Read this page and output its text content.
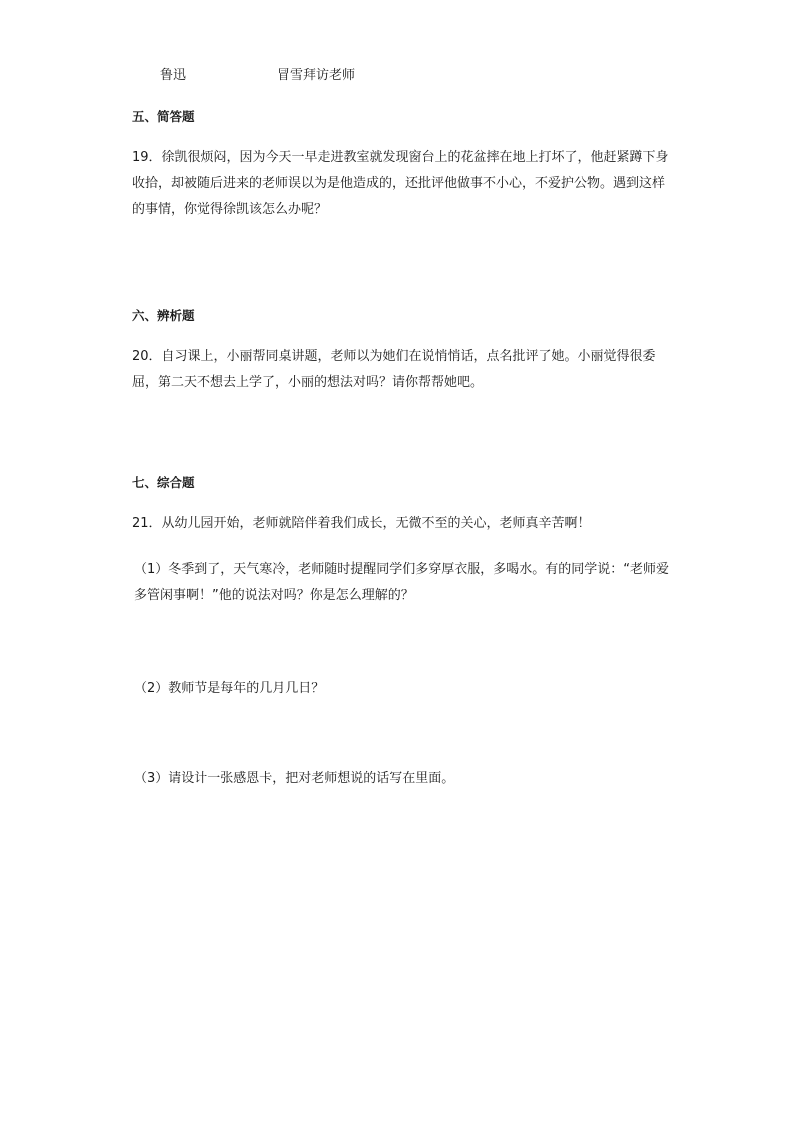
鲁迅	冒雪拜访老师
五、简答题
19．徐凯很烦闷，因为今天一早走进教室就发现窗台上的花盆摔在地上打坏了，他赶紧蹲下身收拾，却被随后进来的老师误以为是他造成的，还批评他做事不小心，不爱护公物。遇到这样的事情，你觉得徐凯该怎么办呢？
六、辨析题
20．自习课上，小丽帮同桌讲题，老师以为她们在说悄悄话，点名批评了她。小丽觉得很委屈，第二天不想去上学了，小丽的想法对吗？请你帮帮她吧。
七、综合题
21．从幼儿园开始，老师就陪伴着我们成长，无微不至的关心，老师真辛苦啊！
（1）冬季到了，天气寒冷，老师随时提醒同学们多穿厚衣服，多喝水。有的同学说：“老师爱多管闲事啊！”他的说法对吗？你是怎么理解的？
（2）教师节是每年的几月几日？
（3）请设计一张感恩卡，把对老师想说的话写在里面。
